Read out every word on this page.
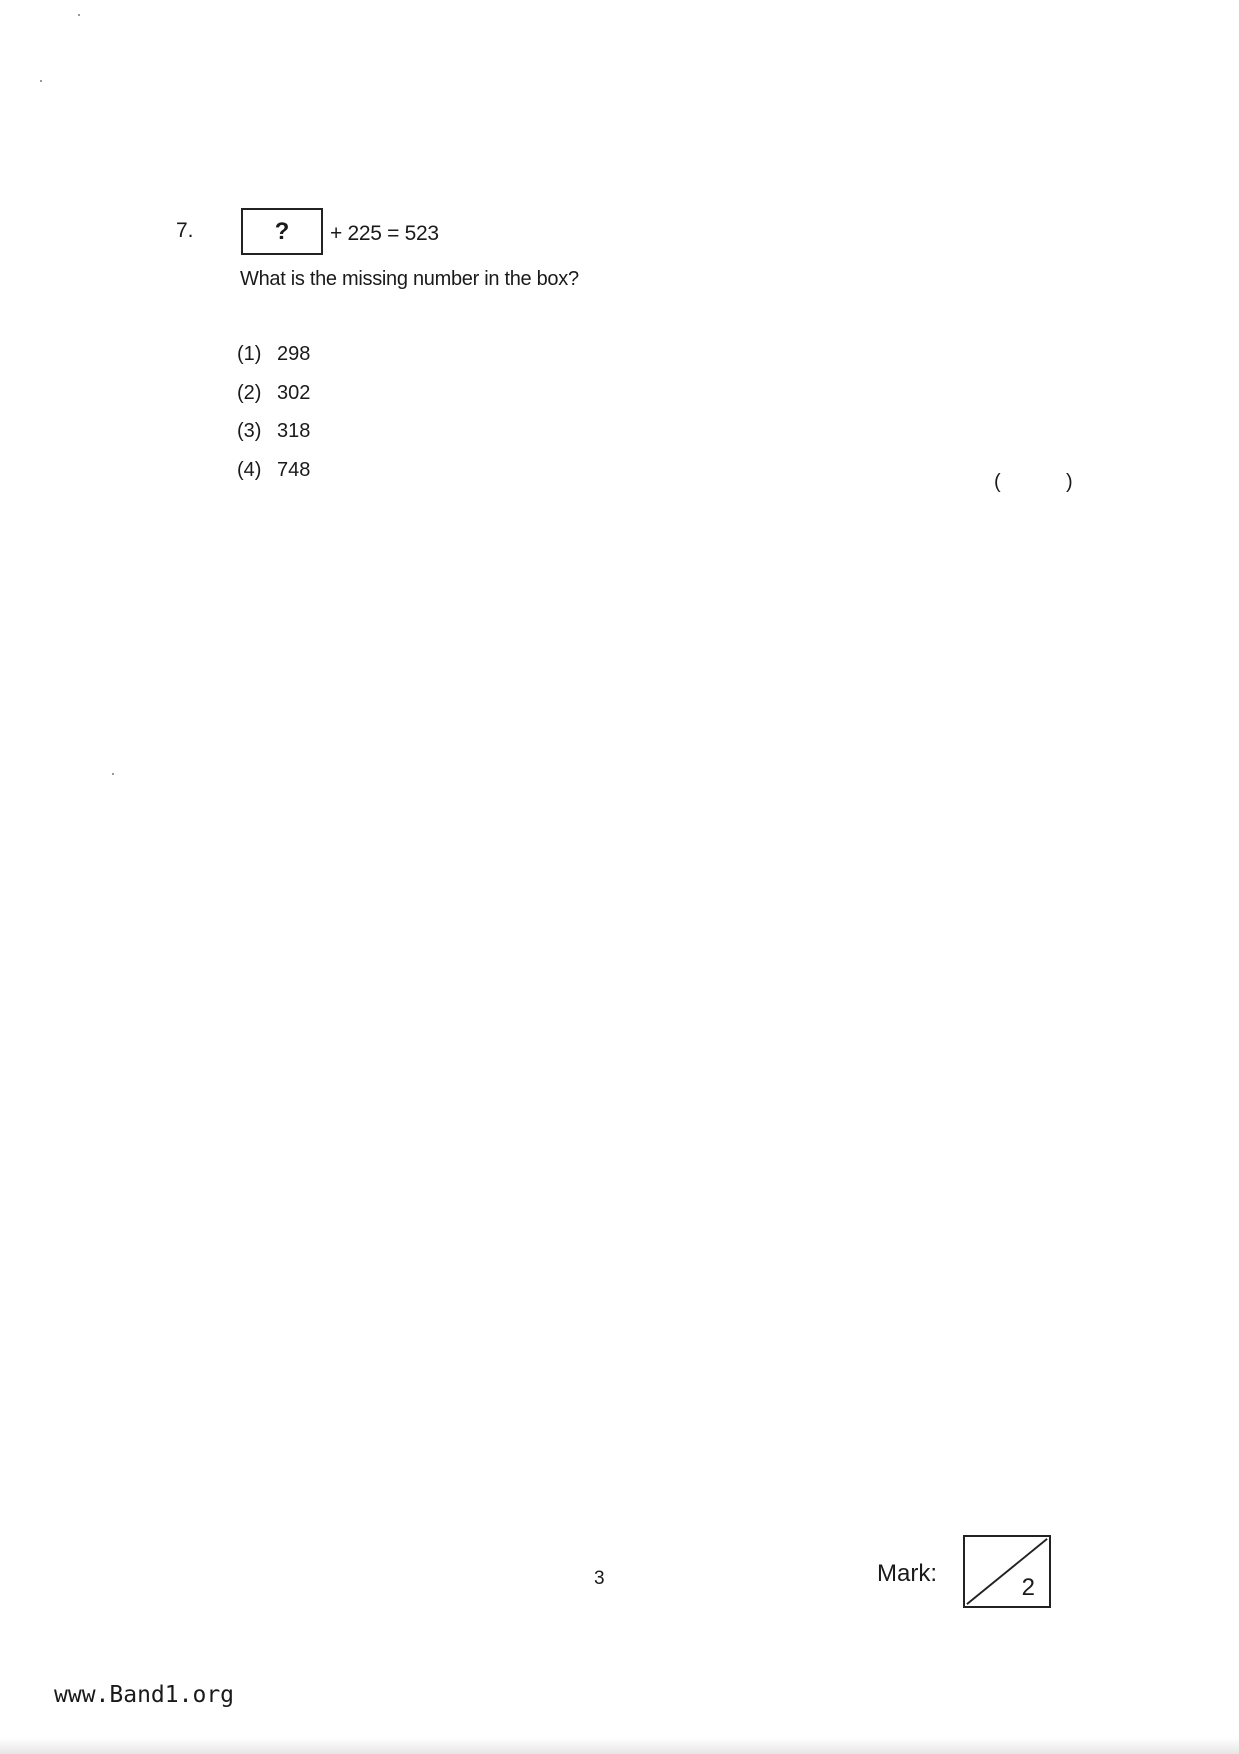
7.	? + 225 = 523
What is the missing number in the box?
(1) 298
(2) 302
(3) 318
(4) 748
(	)
3	Mark:
2
www.Band1.org
